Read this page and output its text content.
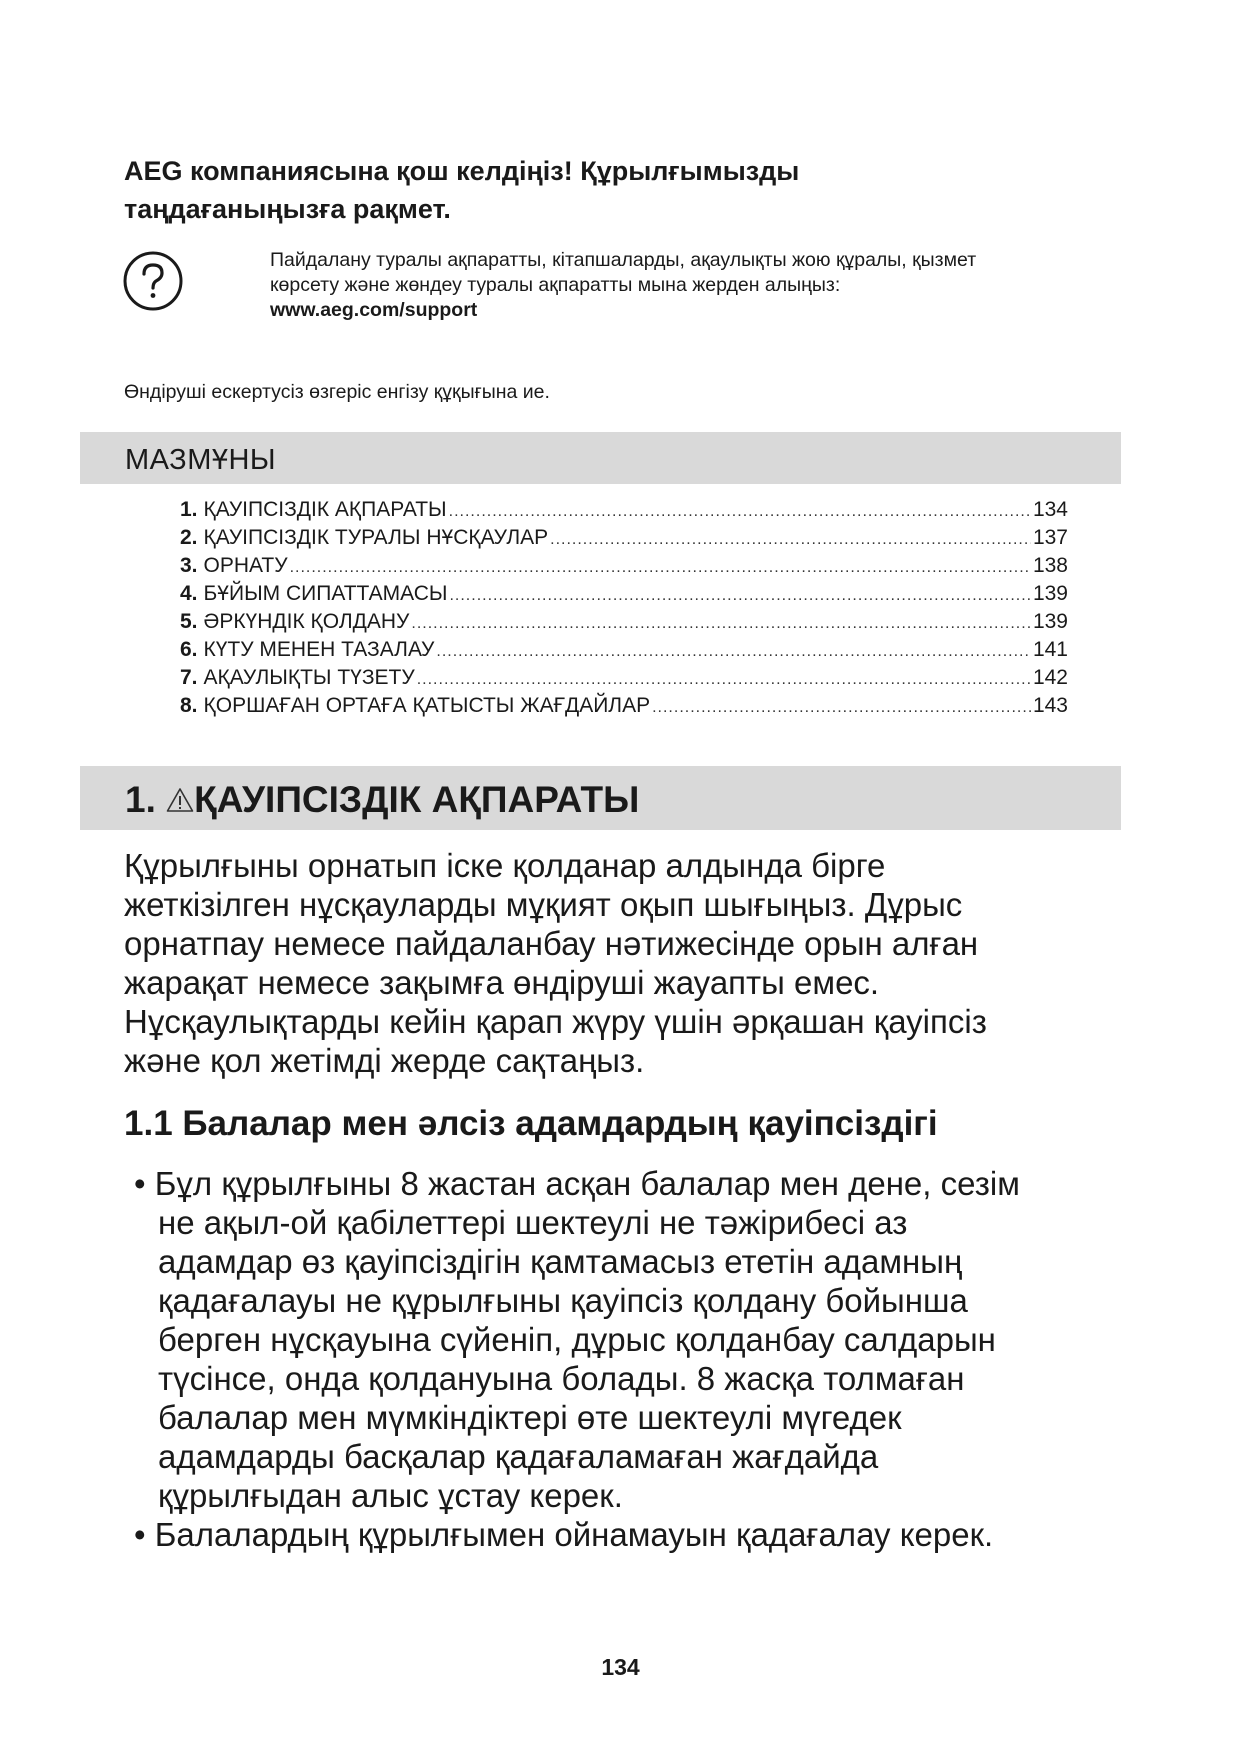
AEG компаниясына қош келдіңіз! Құрылғымызды
таңдағаныңызға рақмет.
Пайдалану туралы ақпаратты, кітапшаларды, ақаулықты жою құралы, қызмет
көрсету және жөндеу туралы ақпаратты мына жерден алыңыз:
www.aeg.com/support
Өндіруші ескертусіз өзгеріс енгізу құқығына ие.
МАЗМҰНЫ
1. ҚАУІПСІЗДІК АҚПАРАТЫ .....	134
2. ҚАУІПСІЗДІК ТУРАЛЫ НҰСҚАУЛАР .....	137
3. ОРНАТУ .....	138
4. БҰЙЫМ СИПАТТАМАСЫ .....	139
5. ӘРКҮНДІК ҚОЛДАНУ .....	139
6. КҮТУ МЕНЕН ТАЗАЛАУ .....	141
7. АҚАУЛЫҚТЫ ТҮЗЕТУ .....	142
8. ҚОРШАҒАН ОРТАҒА ҚАТЫСТЫ ЖАҒДАЙЛАР .....	143
1. ҚАУІПСІЗДІК АҚПАРАТЫ

Құрылғыны орнатып іске қолданар алдында бірге
жеткізілген нұсқауларды мұқият оқып шығыңыз. Дұрыс
орнатпау немесе пайдаланбау нәтижесінде орын алған
жарақат немесе зақымға өндіруші жауапты емес.
Нұсқаулықтарды кейін қарап жүру үшін әрқашан қауіпсіз
және қол жетімді жерде сақтаңыз.

1.1 Балалар мен әлсіз адамдардың қауіпсіздігі
• Бұл құрылғыны 8 жастан асқан балалар мен дене, сезім
не ақыл-ой қабілеттері шектеулі не тәжірибесі аз
адамдар өз қауіпсіздігін қамтамасыз ететін адамның
қадағалауы не құрылғыны қауіпсіз қолдану бойынша
берген нұсқауына сүйеніп, дұрыс қолданбау салдарын
түсінсе, онда қолдануына болады. 8 жасқа толмаған
балалар мен мүмкіндіктері өте шектеулі мүгедек
адамдарды басқалар қадағаламаған жағдайда
құрылғыдан алыс ұстау керек.
• Балалардың құрылғымен ойнамауын қадағалау керек.
134
